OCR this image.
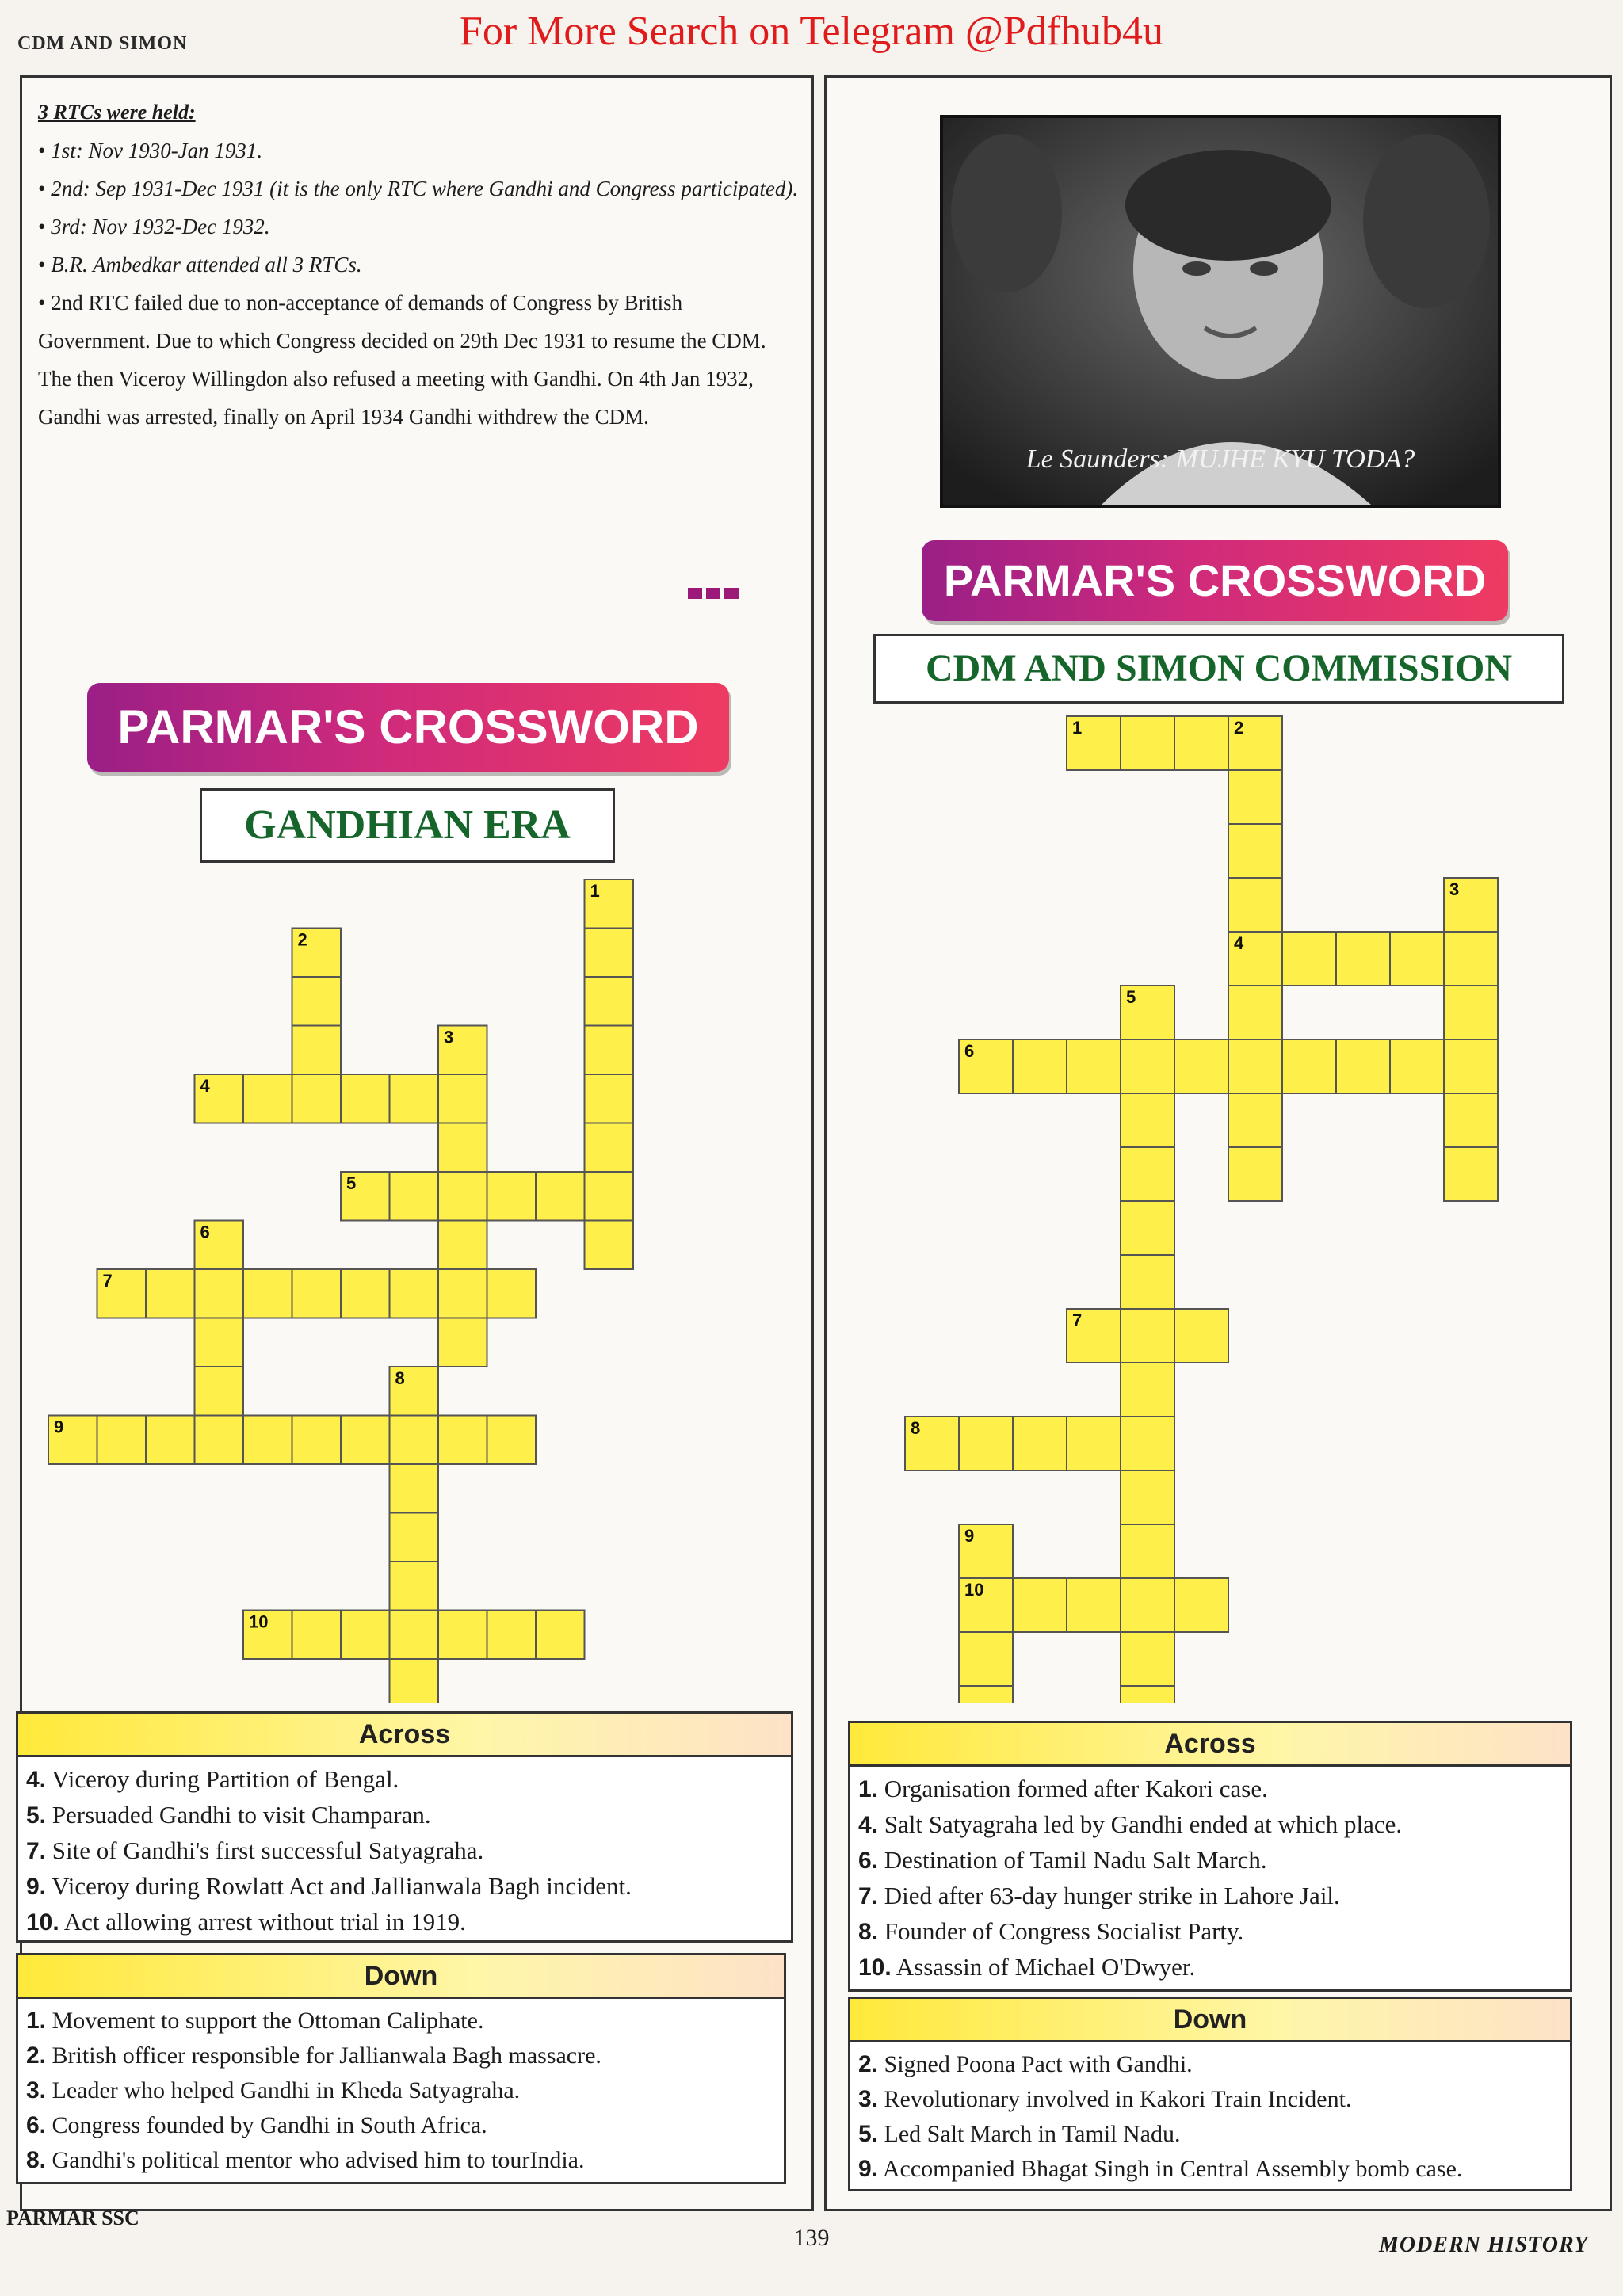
CDM AND SIMON	For More Search on Telegram @Pdfhub4u
3 RTCs were held:

• 1st: Nov 1930-Jan 1931.

• 2nd: Sep 1931-Dec 1931 (it is the only RTC where Gandhi and Congress participated).

• 3rd: Nov 1932-Dec 1932.

• B.R. Ambedkar attended all 3 RTCs.

• 2nd RTC failed due to non-acceptance of demands of Congress by British Government. Due to which Congress decided on 29th Dec 1931 to resume the CDM. The then Viceroy Willingdon also refused a meeting with Gandhi. On 4th Jan 1932, Gandhi was arrested, finally on April 1934 Gandhi withdrew the CDM.

Le Saunders: MUJHE KYU TODA?
PARMAR'S CROSSWORD
GANDHIAN ERA
PARMAR'S CROSSWORD
CDM AND SIMON COMMISSION
1
2
3
4
5
6
7
8
9
10
1	2
3
4
5
6
7
8
9
10
Across
4. Viceroy during Partition of Bengal.
5. Persuaded Gandhi to visit Champaran.
7. Site of Gandhi's first successful Satyagraha.
9. Viceroy during Rowlatt Act and Jallianwala Bagh incident.
10. Act allowing arrest without trial in 1919.
Down
1. Movement to support the Ottoman Caliphate.
2. British officer responsible for Jallianwala Bagh massacre.
3. Leader who helped Gandhi in Kheda Satyagraha.
6. Congress founded by Gandhi in South Africa.
8. Gandhi's political mentor who advised him to tourIndia.
Across
1. Organisation formed after Kakori case.
4. Salt Satyagraha led by Gandhi ended at which place.
6. Destination of Tamil Nadu Salt March.
7. Died after 63-day hunger strike in Lahore Jail.
8. Founder of Congress Socialist Party.
10. Assassin of Michael O'Dwyer.
Down
2. Signed Poona Pact with Gandhi.
3. Revolutionary involved in Kakori Train Incident.
5. Led Salt March in Tamil Nadu.
9. Accompanied Bhagat Singh in Central Assembly bomb case.
PARMAR SSC
139	MODERN HISTORY
